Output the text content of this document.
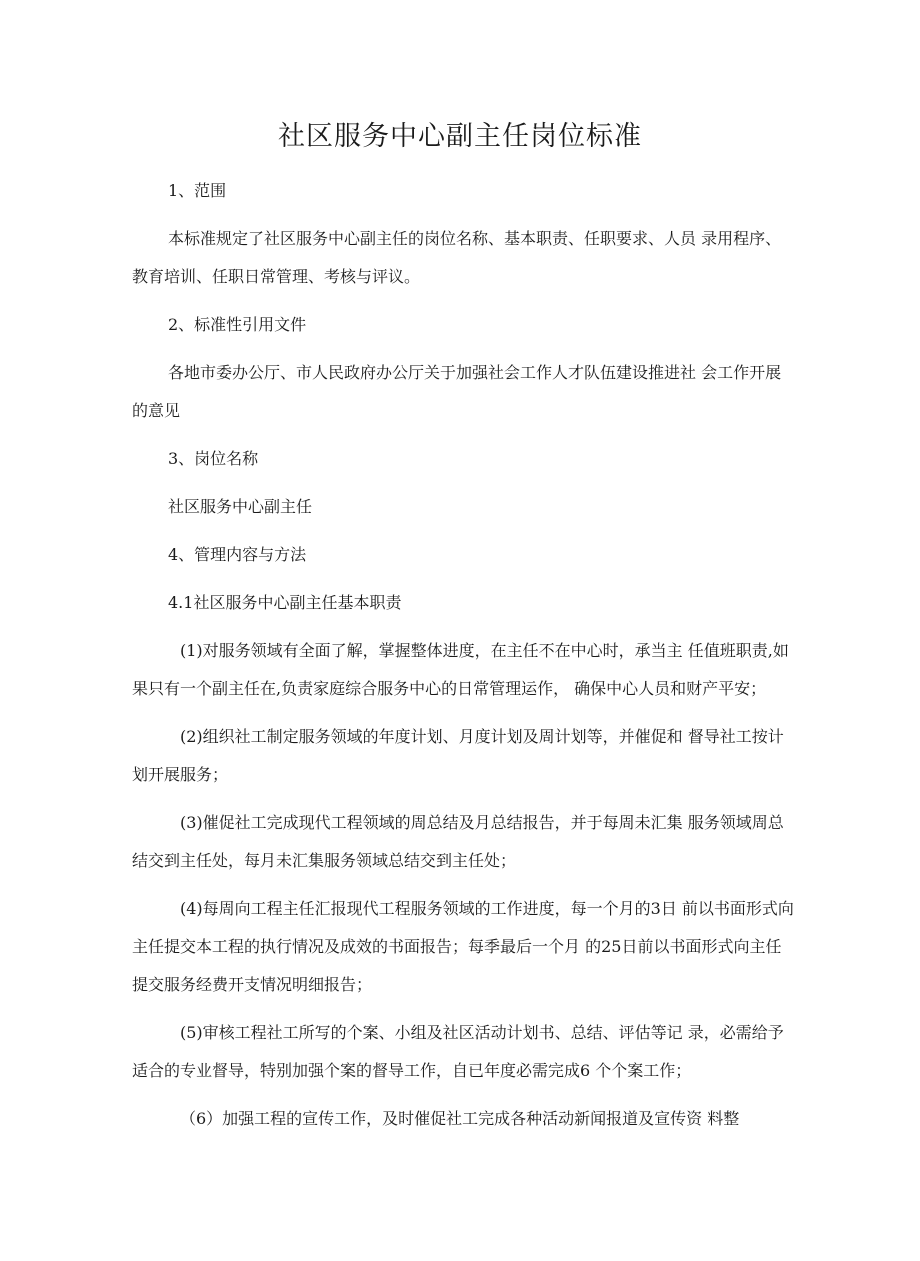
社区服务中心副主任岗位标准

1、范围

本标准规定了社区服务中心副主任的岗位名称、基本职责、任职要求、人员 录用程序、教育培训、任职日常管理、考核与评议。

2、标准性引用文件

各地市委办公厅、市人民政府办公厅关于加强社会工作人才队伍建设推进社 会工作开展的意见

3、岗位名称

社区服务中心副主任

4、管理内容与方法

4.1社区服务中心副主任基本职责

(1)对服务领域有全面了解，掌握整体进度，在主任不在中心时，承当主 任值班职责,如果只有一个副主任在,负责家庭综合服务中心的日常管理运作， 确保中心人员和财产平安；

(2)组织社工制定服务领域的年度计划、月度计划及周计划等，并催促和 督导社工按计划开展服务；

(3)催促社工完成现代工程领域的周总结及月总结报告，并于每周未汇集 服务领域周总结交到主任处，每月未汇集服务领域总结交到主任处；

(4)每周向工程主任汇报现代工程服务领域的工作进度，每一个月的3日 前以书面形式向主任提交本工程的执行情况及成效的书面报告；每季最后一个月 的25日前以书面形式向主任提交服务经费开支情况明细报告；

(5)审核工程社工所写的个案、小组及社区活动计划书、总结、评估等记 录，必需给予适合的专业督导，特别加强个案的督导工作，自已年度必需完成6 个个案工作；

（6）加强工程的宣传工作，及时催促社工完成各种活动新闻报道及宣传资 料整
